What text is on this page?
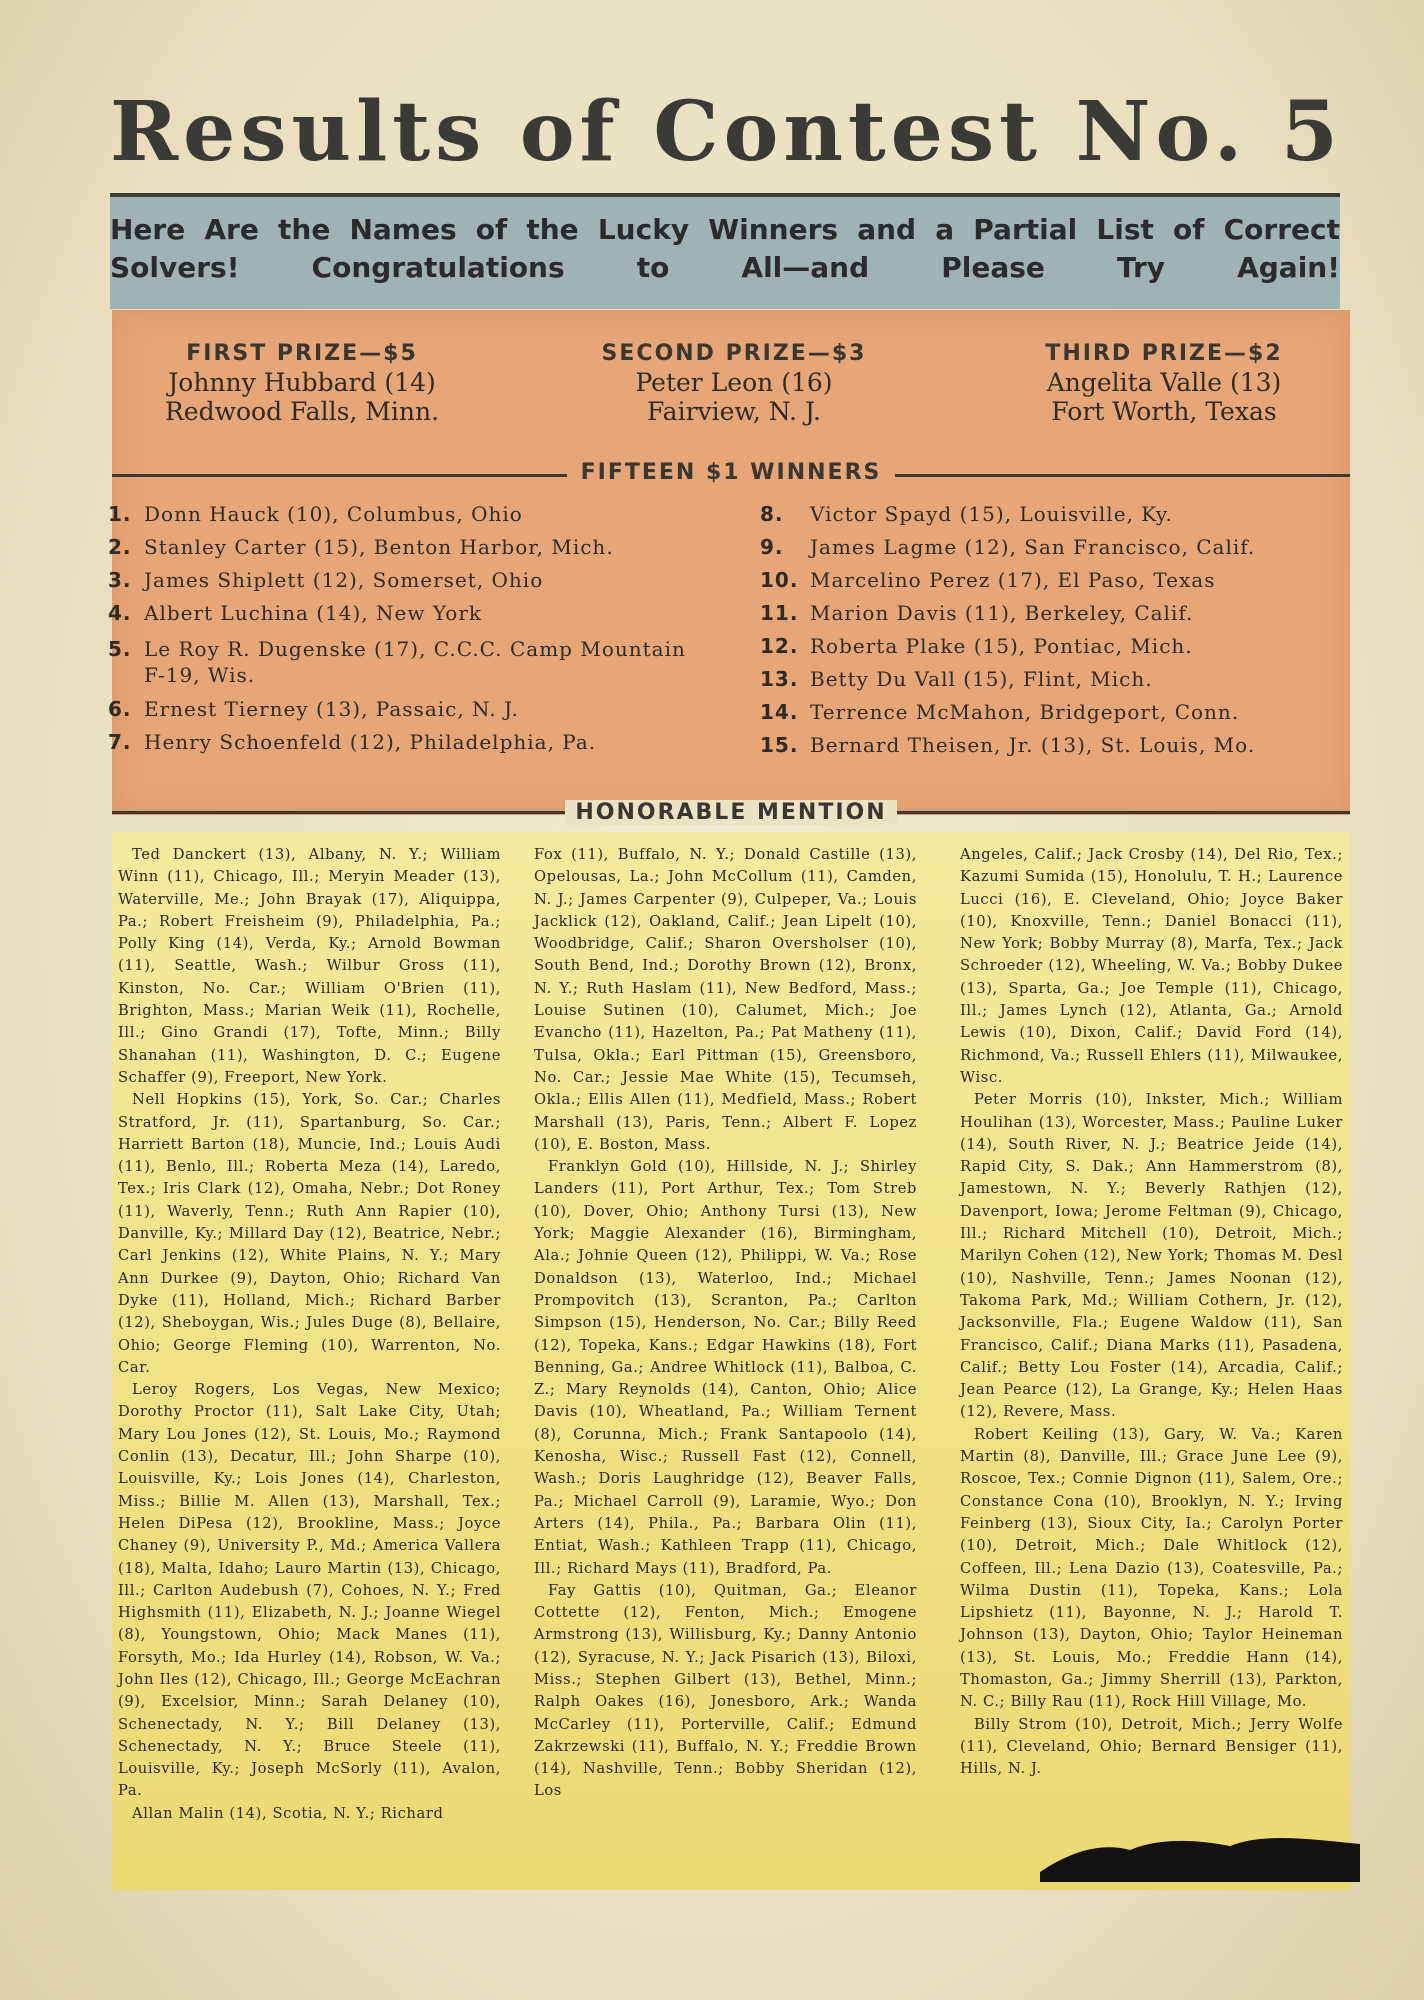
Results of Contest No. 5
Here Are the Names of the Lucky Winners and a Partial List of Correct Solvers! Congratulations to All—and Please Try Again!
FIRST PRIZE—$5
Johnny Hubbard (14)
Redwood Falls, Minn.
SECOND PRIZE—$3
Peter Leon (16)
Fairview, N. J.
THIRD PRIZE—$2
Angelita Valle (13)
Fort Worth, Texas
FIFTEEN $1 WINNERS
1. Donn Hauck (10), Columbus, Ohio
2. Stanley Carter (15), Benton Harbor, Mich.
3. James Shiplett (12), Somerset, Ohio
4. Albert Luchina (14), New York
5. Le Roy R. Dugenske (17), C.C.C. Camp Mountain F-19, Wis.
6. Ernest Tierney (13), Passaic, N. J.
7. Henry Schoenfeld (12), Philadelphia, Pa.
8. Victor Spayd (15), Louisville, Ky.
9. James Lagme (12), San Francisco, Calif.
10. Marcelino Perez (17), El Paso, Texas
11. Marion Davis (11), Berkeley, Calif.
12. Roberta Plake (15), Pontiac, Mich.
13. Betty Du Vall (15), Flint, Mich.
14. Terrence McMahon, Bridgeport, Conn.
15. Bernard Theisen, Jr. (13), St. Louis, Mo.
HONORABLE MENTION

Ted Danckert (13), Albany, N. Y.; William Winn (11), Chicago, Ill.; Meryin Meader (13), Waterville, Me.; John Brayak (17), Aliquippa, Pa.; Robert Freisheim (9), Philadelphia, Pa.; Polly King (14), Verda, Ky.; Arnold Bowman (11), Seattle, Wash.; Wilbur Gross (11), Kinston, No. Car.; William O'Brien (11), Brighton, Mass.; Marian Weik (11), Rochelle, Ill.; Gino Grandi (17), Tofte, Minn.; Billy Shanahan (11), Washington, D. C.; Eugene Schaffer (9), Freeport, New York.

Nell Hopkins (15), York, So. Car.; Charles Stratford, Jr. (11), Spartanburg, So. Car.; Harriett Barton (18), Muncie, Ind.; Louis Audi (11), Benlo, Ill.; Roberta Meza (14), Laredo, Tex.; Iris Clark (12), Omaha, Nebr.; Dot Roney (11), Waverly, Tenn.; Ruth Ann Rapier (10), Danville, Ky.; Millard Day (12), Beatrice, Nebr.; Carl Jenkins (12), White Plains, N. Y.; Mary Ann Durkee (9), Dayton, Ohio; Richard Van Dyke (11), Holland, Mich.; Richard Barber (12), Sheboygan, Wis.; Jules Duge (8), Bellaire, Ohio; George Fleming (10), Warrenton, No. Car.

Leroy Rogers, Los Vegas, New Mexico; Dorothy Proctor (11), Salt Lake City, Utah; Mary Lou Jones (12), St. Louis, Mo.; Raymond Conlin (13), Decatur, Ill.; John Sharpe (10), Louisville, Ky.; Lois Jones (14), Charleston, Miss.; Billie M. Allen (13), Marshall, Tex.; Helen DiPesa (12), Brookline, Mass.; Joyce Chaney (9), University P., Md.; America Vallera (18), Malta, Idaho; Lauro Martin (13), Chicago, Ill.; Carlton Audebush (7), Cohoes, N. Y.; Fred Highsmith (11), Elizabeth, N. J.; Joanne Wiegel (8), Youngstown, Ohio; Mack Manes (11), Forsyth, Mo.; Ida Hurley (14), Robson, W. Va.; John Iles (12), Chicago, Ill.; George McEachran (9), Excelsior, Minn.; Sarah Delaney (10), Schenectady, N. Y.; Bill Delaney (13), Schenectady, N. Y.; Bruce Steele (11), Louisville, Ky.; Joseph McSorly (11), Avalon, Pa.

Allan Malin (14), Scotia, N. Y.; Richard

Fox (11), Buffalo, N. Y.; Donald Castille (13), Opelousas, La.; John McCollum (11), Camden, N. J.; James Carpenter (9), Culpeper, Va.; Louis Jacklick (12), Oakland, Calif.; Jean Lipelt (10), Woodbridge, Calif.; Sharon Oversholser (10), South Bend, Ind.; Dorothy Brown (12), Bronx, N. Y.; Ruth Haslam (11), New Bedford, Mass.; Louise Sutinen (10), Calumet, Mich.; Joe Evancho (11), Hazelton, Pa.; Pat Matheny (11), Tulsa, Okla.; Earl Pittman (15), Greensboro, No. Car.; Jessie Mae White (15), Tecumseh, Okla.; Ellis Allen (11), Medfield, Mass.; Robert Marshall (13), Paris, Tenn.; Albert F. Lopez (10), E. Boston, Mass.

Franklyn Gold (10), Hillside, N. J.; Shirley Landers (11), Port Arthur, Tex.; Tom Streb (10), Dover, Ohio; Anthony Tursi (13), New York; Maggie Alexander (16), Birmingham, Ala.; Johnie Queen (12), Philippi, W. Va.; Rose Donaldson (13), Waterloo, Ind.; Michael Prompovitch (13), Scranton, Pa.; Carlton Simpson (15), Henderson, No. Car.; Billy Reed (12), Topeka, Kans.; Edgar Hawkins (18), Fort Benning, Ga.; Andree Whitlock (11), Balboa, C. Z.; Mary Reynolds (14), Canton, Ohio; Alice Davis (10), Wheatland, Pa.; William Ternent (8), Corunna, Mich.; Frank Santapoolo (14), Kenosha, Wisc.; Russell Fast (12), Connell, Wash.; Doris Laughridge (12), Beaver Falls, Pa.; Michael Carroll (9), Laramie, Wyo.; Don Arters (14), Phila., Pa.; Barbara Olin (11), Entiat, Wash.; Kathleen Trapp (11), Chicago, Ill.; Richard Mays (11), Bradford, Pa.

Fay Gattis (10), Quitman, Ga.; Eleanor Cottette (12), Fenton, Mich.; Emogene Armstrong (13), Willisburg, Ky.; Danny Antonio (12), Syracuse, N. Y.; Jack Pisarich (13), Biloxi, Miss.; Stephen Gilbert (13), Bethel, Minn.; Ralph Oakes (16), Jonesboro, Ark.; Wanda McCarley (11), Porterville, Calif.; Edmund Zakrzewski (11), Buffalo, N. Y.; Freddie Brown (14), Nashville, Tenn.; Bobby Sheridan (12), Los

Angeles, Calif.; Jack Crosby (14), Del Rio, Tex.; Kazumi Sumida (15), Honolulu, T. H.; Laurence Lucci (16), E. Cleveland, Ohio; Joyce Baker (10), Knoxville, Tenn.; Daniel Bonacci (11), New York; Bobby Murray (8), Marfa, Tex.; Jack Schroeder (12), Wheeling, W. Va.; Bobby Dukee (13), Sparta, Ga.; Joe Temple (11), Chicago, Ill.; James Lynch (12), Atlanta, Ga.; Arnold Lewis (10), Dixon, Calif.; David Ford (14), Richmond, Va.; Russell Ehlers (11), Milwaukee, Wisc.

Peter Morris (10), Inkster, Mich.; William Houlihan (13), Worcester, Mass.; Pauline Luker (14), South River, N. J.; Beatrice Jeide (14), Rapid City, S. Dak.; Ann Hammerstrom (8), Jamestown, N. Y.; Beverly Rathjen (12), Davenport, Iowa; Jerome Feltman (9), Chicago, Ill.; Richard Mitchell (10), Detroit, Mich.; Marilyn Cohen (12), New York; Thomas M. Desl (10), Nashville, Tenn.; James Noonan (12), Takoma Park, Md.; William Cothern, Jr. (12), Jacksonville, Fla.; Eugene Waldow (11), San Francisco, Calif.; Diana Marks (11), Pasadena, Calif.; Betty Lou Foster (14), Arcadia, Calif.; Jean Pearce (12), La Grange, Ky.; Helen Haas (12), Revere, Mass.

Robert Keiling (13), Gary, W. Va.; Karen Martin (8), Danville, Ill.; Grace June Lee (9), Roscoe, Tex.; Connie Dignon (11), Salem, Ore.; Constance Cona (10), Brooklyn, N. Y.; Irving Feinberg (13), Sioux City, Ia.; Carolyn Porter (10), Detroit, Mich.; Dale Whitlock (12), Coffeen, Ill.; Lena Dazio (13), Coatesville, Pa.; Wilma Dustin (11), Topeka, Kans.; Lola Lipshietz (11), Bayonne, N. J.; Harold T. Johnson (13), Dayton, Ohio; Taylor Heineman (13), St. Louis, Mo.; Freddie Hann (14), Thomaston, Ga.; Jimmy Sherrill (13), Parkton, N. C.; Billy Rau (11), Rock Hill Village, Mo.

Billy Strom (10), Detroit, Mich.; Jerry Wolfe (11), Cleveland, Ohio; Bernard Bensiger (11), Hills, N. J.
